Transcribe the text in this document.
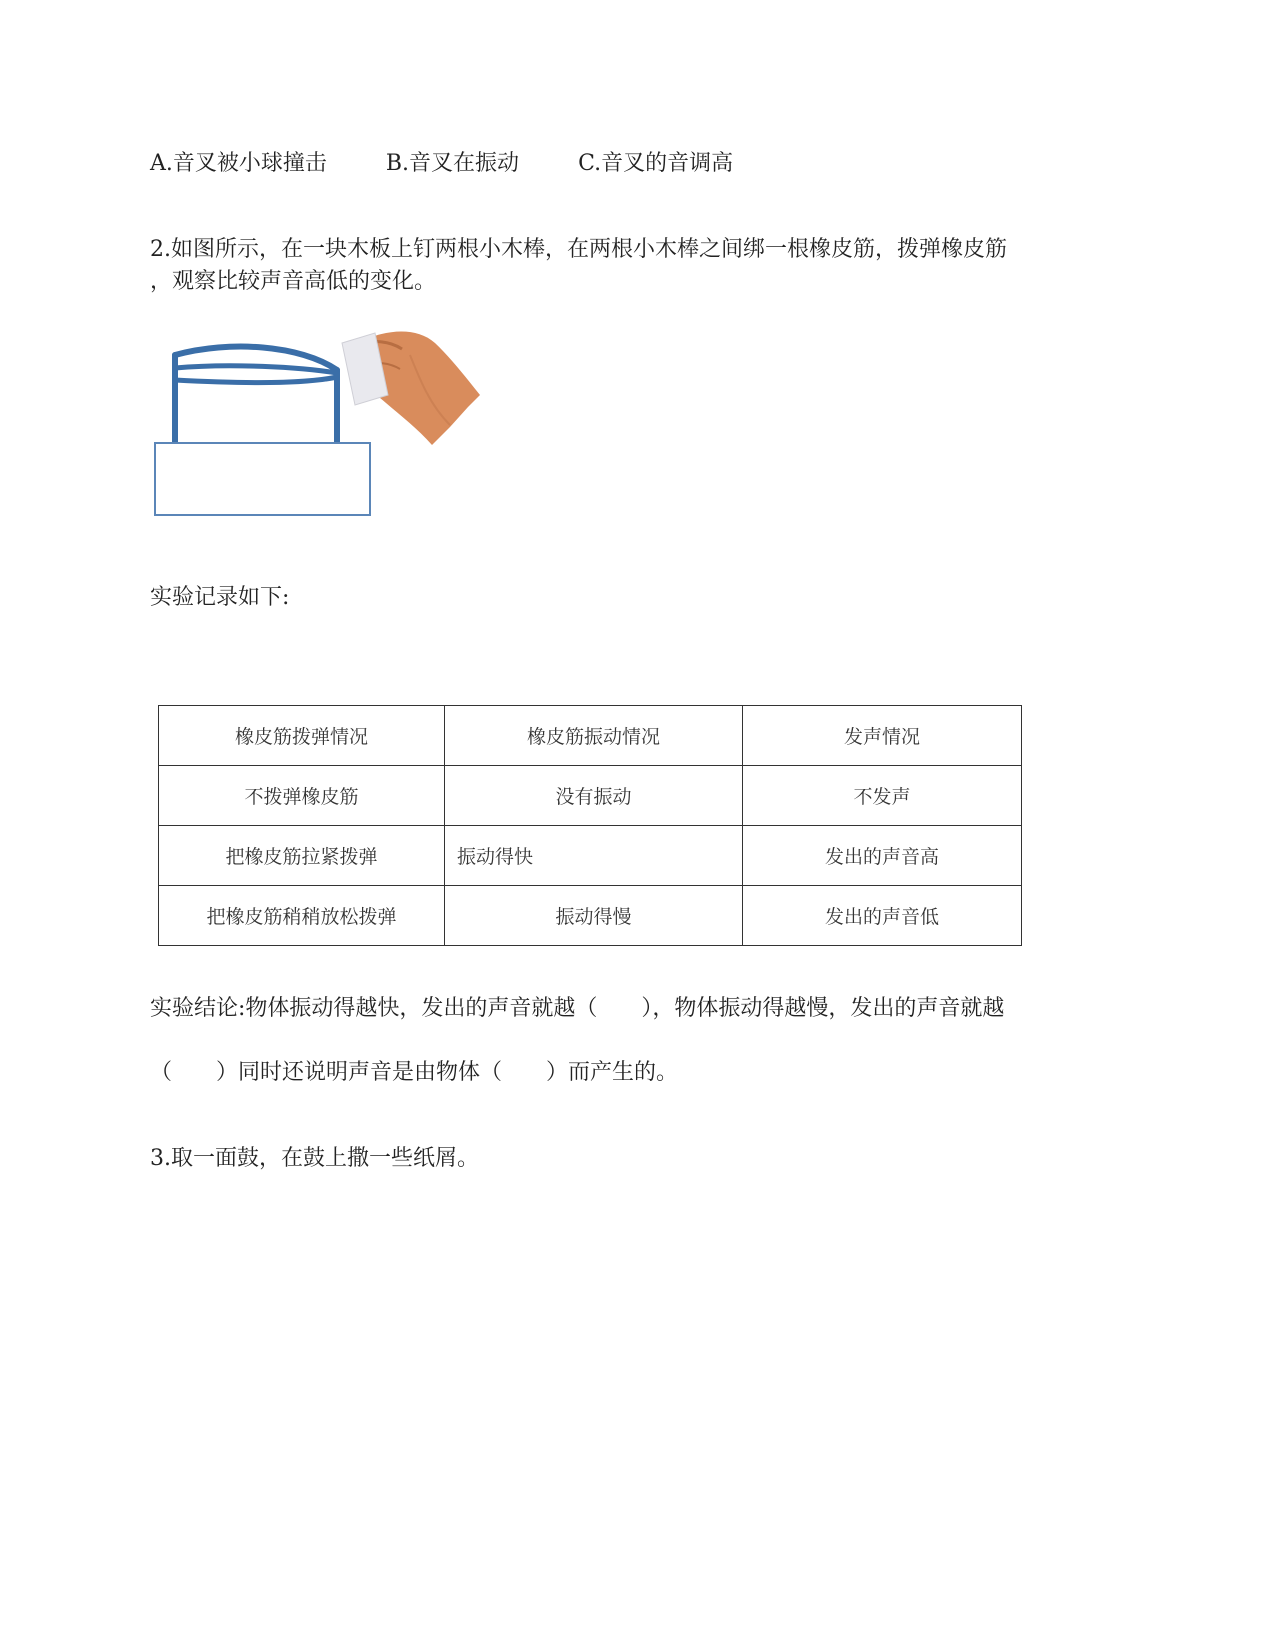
A.音叉被小球撞击	B.音叉在振动	C.音叉的音调高
2.如图所示，在一块木板上钉两根小木棒，在两根小木棒之间绑一根橡皮筋，拨弹橡皮筋
，观察比较声音高低的变化。
实验记录如下:
橡皮筋拨弹情况	橡皮筋振动情况	发声情况
不拨弹橡皮筋	没有振动	不发声
把橡皮筋拉紧拨弹	振动得快	发出的声音高
把橡皮筋稍稍放松拨弹	振动得慢	发出的声音低
实验结论:物体振动得越快，发出的声音就越（　　），物体振动得越慢，发出的声音就越
（　　）同时还说明声音是由物体（　　）而产生的。
3.取一面鼓，在鼓上撒一些纸屑。
